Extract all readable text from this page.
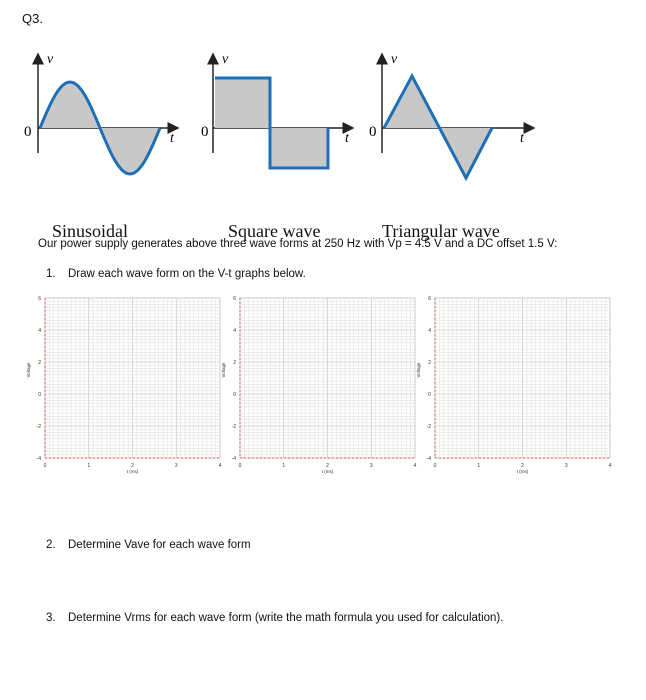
Q3.
v
0	t
v
0	t
v
0	t
Sinusoidal	Square wave	Triangular wave
Our power supply generates above three wave forms at 250 Hz with Vp = 4.5 V and a DC offset 1.5 V:
1. Draw each wave form on the V-t graphs below.
6
4
2
0
-2
-4
0	1	2	3	4
t (ms)
Voltage
6
4
2
0
-2
-4
0	1	2	3	4
t (ms)
Voltage
6
4
2
0
-2
-4
0	1	2	3	4
t (ms)
Voltage
2. Determine Vave for each wave form
3. Determine Vrms for each wave form (write the math formula you used for calculation).
